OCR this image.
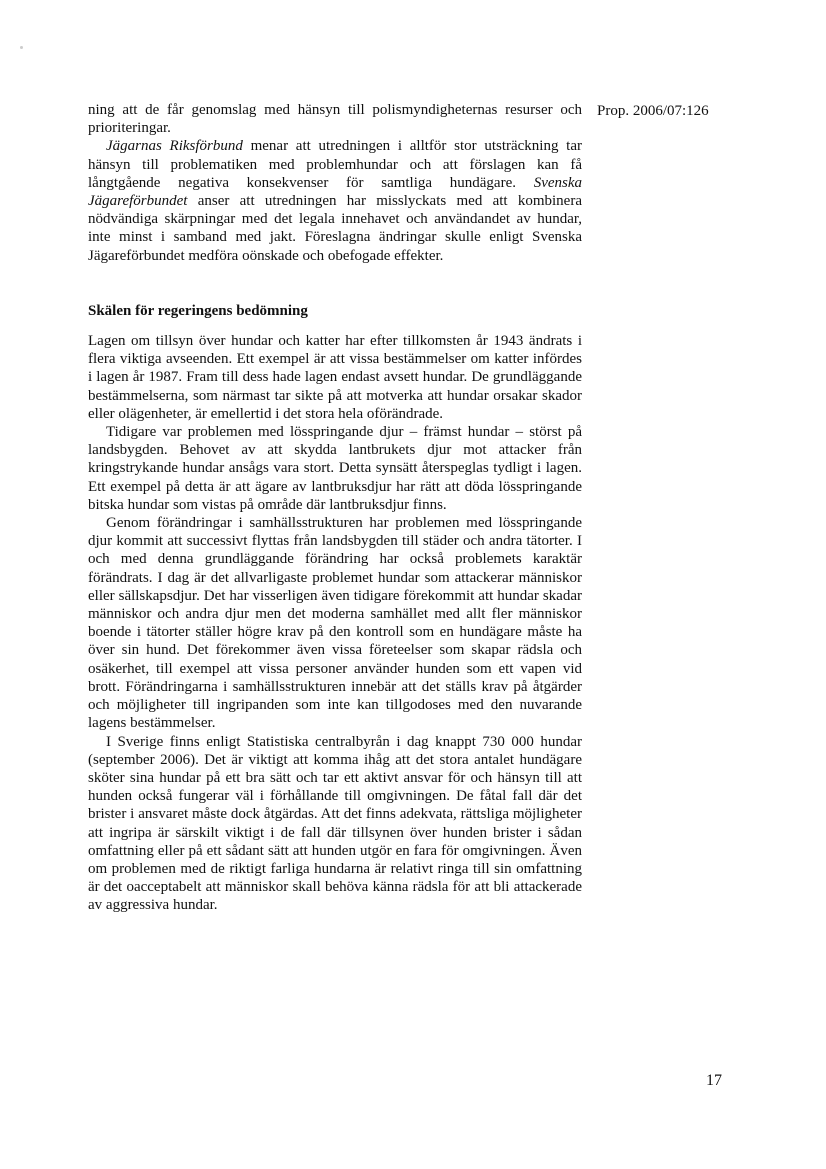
Prop. 2006/07:126

ning att de får genomslag med hänsyn till polismyndigheternas resurser och prioriteringar.

Jägarnas Riksförbund menar att utredningen i alltför stor utsträckning tar hänsyn till problematiken med problemhundar och att förslagen kan få långtgående negativa konsekvenser för samtliga hundägare. Svenska Jägareförbundet anser att utredningen har misslyckats med att kombinera nödvändiga skärpningar med det legala innehavet och användandet av hundar, inte minst i samband med jakt. Föreslagna ändringar skulle enligt Svenska Jägareförbundet medföra oönskade och obefogade effekter.

Skälen för regeringens bedömning

Lagen om tillsyn över hundar och katter har efter tillkomsten år 1943 ändrats i flera viktiga avseenden. Ett exempel är att vissa bestämmelser om katter infördes i lagen år 1987. Fram till dess hade lagen endast avsett hundar. De grundläggande bestämmelserna, som närmast tar sikte på att motverka att hundar orsakar skador eller olägenheter, är emellertid i det stora hela oförändrade.

Tidigare var problemen med lösspringande djur – främst hundar – störst på landsbygden. Behovet av att skydda lantbrukets djur mot attacker från kringstrykande hundar ansågs vara stort. Detta synsätt återspeglas tydligt i lagen. Ett exempel på detta är att ägare av lantbruksdjur har rätt att döda lösspringande bitska hundar som vistas på område där lantbruksdjur finns.

Genom förändringar i samhällsstrukturen har problemen med lösspringande djur kommit att successivt flyttas från landsbygden till städer och andra tätorter. I och med denna grundläggande förändring har också problemets karaktär förändrats. I dag är det allvarligaste problemet hundar som attackerar människor eller sällskapsdjur. Det har visserligen även tidigare förekommit att hundar skadar människor och andra djur men det moderna samhället med allt fler människor boende i tätorter ställer högre krav på den kontroll som en hundägare måste ha över sin hund. Det förekommer även vissa företeelser som skapar rädsla och osäkerhet, till exempel att vissa personer använder hunden som ett vapen vid brott. Förändringarna i samhällsstrukturen innebär att det ställs krav på åtgärder och möjligheter till ingripanden som inte kan tillgodoses med den nuvarande lagens bestämmelser.

I Sverige finns enligt Statistiska centralbyrån i dag knappt 730 000 hundar (september 2006). Det är viktigt att komma ihåg att det stora antalet hundägare sköter sina hundar på ett bra sätt och tar ett aktivt ansvar för och hänsyn till att hunden också fungerar väl i förhållande till omgivningen. De fåtal fall där det brister i ansvaret måste dock åtgärdas. Att det finns adekvata, rättsliga möjligheter att ingripa är särskilt viktigt i de fall där tillsynen över hunden brister i sådan omfattning eller på ett sådant sätt att hunden utgör en fara för omgivningen. Även om problemen med de riktigt farliga hundarna är relativt ringa till sin omfattning är det oacceptabelt att människor skall behöva känna rädsla för att bli attackerade av aggressiva hundar.

17
